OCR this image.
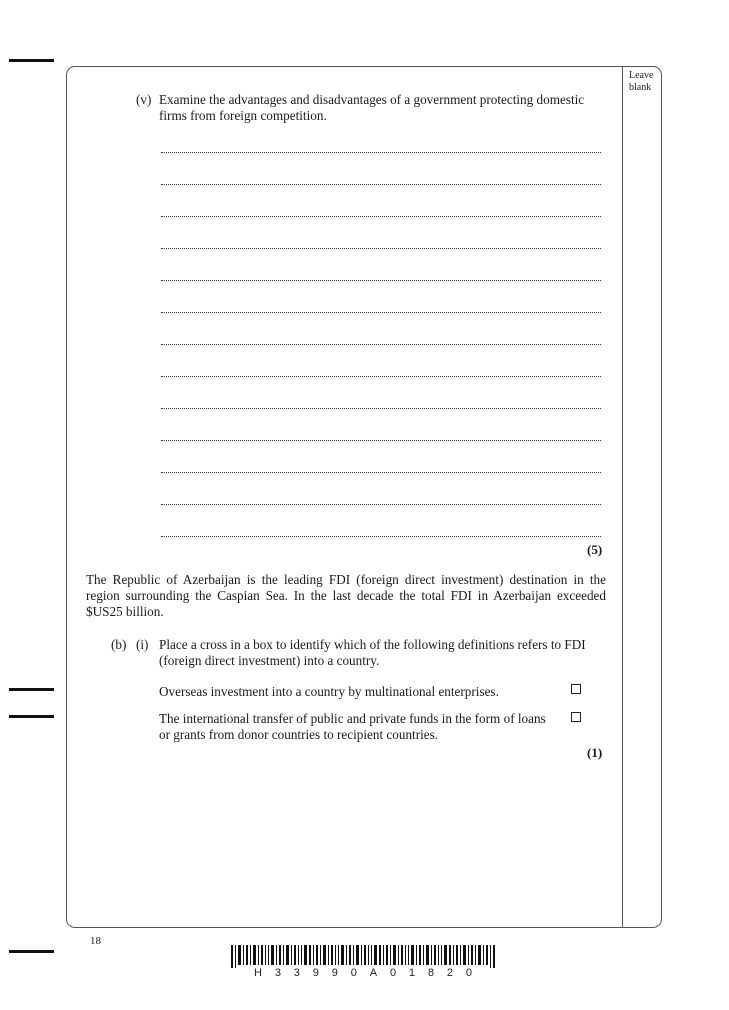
Leave
blank
(v) Examine the advantages and disadvantages of a government protecting domestic firms from foreign competition.
(5)
The Republic of Azerbaijan is the leading FDI (foreign direct investment) destination in the region surrounding the Caspian Sea. In the last decade the total FDI in Azerbaijan exceeded $US25 billion.
(b) (i) Place a cross in a box to identify which of the following definitions refers to FDI (foreign direct investment) into a country.
Overseas investment into a country by multinational enterprises.
The international transfer of public and private funds in the form of loans or grants from donor countries to recipient countries.
(1)
18
H 3 3 9 9 0 A 0 1 8 2 0
